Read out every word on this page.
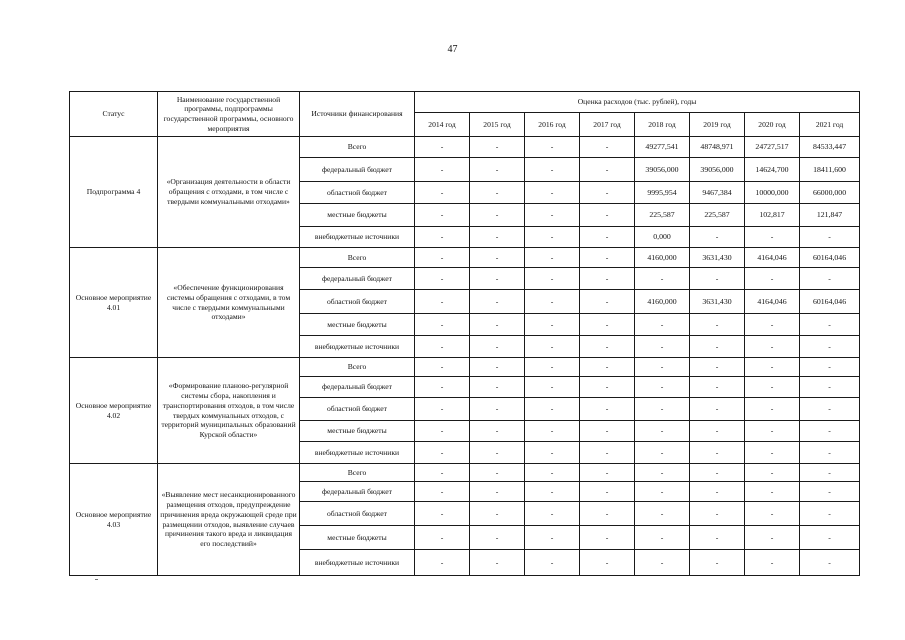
47
Статус	Наименование государственной программы, подпрограммы государственной программы, основного мероприятия	Источники финансирования	Оценка расходов (тыс. рублей), годы							
			2014 год	2015 год	2016 год	2017 год	2018 год	2019 год	2020 год	2021 год
Подпрограмма 4	«Организация деятельности в области обращения с отходами, в том числе с твердыми коммунальными отходами»	Всего	-	-	-	-	49277,541	48748,971	24727,517	84533,447
		федеральный бюджет	-	-	-	-	39056,000	39056,000	14624,700	18411,600
		областной бюджет	-	-	-	-	9995,954	9467,384	10000,000	66000,000
		местные бюджеты	-	-	-	-	225,587	225,587	102,817	121,847
		внебюджетные источники	-	-	-	-	0,000	-	-	-
Основное мероприятие 4.01	«Обеспечение функционирования системы обращения с отходами, в том числе с твердыми коммунальными отходами»	Всего	-	-	-	-	4160,000	3631,430	4164,046	60164,046
		федеральный бюджет	-	-	-	-	-	-	-	-
		областной бюджет	-	-	-	-	4160,000	3631,430	4164,046	60164,046
		местные бюджеты	-	-	-	-	-	-	-	-
		внебюджетные источники	-	-	-	-	-	-	-	-
Основное мероприятие 4.02	«Формирование планово-регулярной системы сбора, накопления и транспортирования отходов, в том числе твердых коммунальных отходов, с территорий муниципальных образований Курской области»	Всего	-	-	-	-	-	-	-	-
		федеральный бюджет	-	-	-	-	-	-	-	-
		областной бюджет	-	-	-	-	-	-	-	-
		местные бюджеты	-	-	-	-	-	-	-	-
		внебюджетные источники	-	-	-	-	-	-	-	-
Основное мероприятие 4.03	«Выявление мест несанкционированного размещения отходов, предупреждение причинения вреда окружающей среде при размещении отходов, выявление случаев причинения такого вреда и ликвидация его последствий»	Всего	-	-	-	-	-	-	-	-
		федеральный бюджет	-	-	-	-	-	-	-	-
		областной бюджет	-	-	-	-	-	-	-	-
		местные бюджеты	-	-	-	-	-	-	-	-
		внебюджетные источники	-	-	-	-	-	-	-	-
